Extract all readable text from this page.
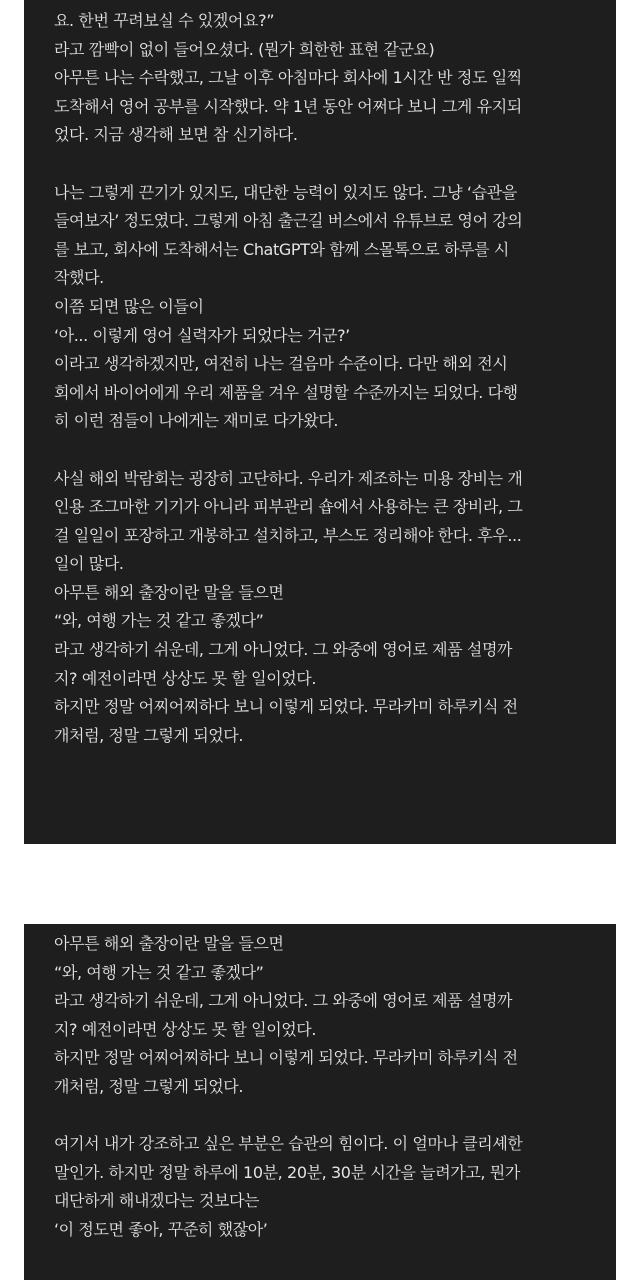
요. 한번 꾸려보실 수 있겠어요?”
라고 깜빡이 없이 들어오셨다. (뭔가 희한한 표현 같군요)
아무튼 나는 수락했고, 그날 이후 아침마다 회사에 1시간 반 정도 일찍
도착해서 영어 공부를 시작했다. 약 1년 동안 어쩌다 보니 그게 유지되
었다. 지금 생각해 보면 참 신기하다.
나는 그렇게 끈기가 있지도, 대단한 능력이 있지도 않다. 그냥 ‘습관을
들여보자’ 정도였다. 그렇게 아침 출근길 버스에서 유튜브로 영어 강의
를 보고, 회사에 도착해서는 ChatGPT와 함께 스몰톡으로 하루를 시
작했다.
이쯤 되면 많은 이들이
‘아... 이렇게 영어 실력자가 되었다는 거군?’
이라고 생각하겠지만, 여전히 나는 걸음마 수준이다. 다만 해외 전시
회에서 바이어에게 우리 제품을 겨우 설명할 수준까지는 되었다. 다행
히 이런 점들이 나에게는 재미로 다가왔다.
사실 해외 박람회는 굉장히 고단하다. 우리가 제조하는 미용 장비는 개
인용 조그마한 기기가 아니라 피부관리 숍에서 사용하는 큰 장비라, 그
걸 일일이 포장하고 개봉하고 설치하고, 부스도 정리해야 한다. 후우...
일이 많다.
아무튼 해외 출장이란 말을 들으면
“와, 여행 가는 것 같고 좋겠다”
라고 생각하기 쉬운데, 그게 아니었다. 그 와중에 영어로 제품 설명까
지? 예전이라면 상상도 못 할 일이었다.
하지만 정말 어찌어찌하다 보니 이렇게 되었다. 무라카미 하루키식 전
개처럼, 정말 그렇게 되었다.
아무튼 해외 출장이란 말을 들으면
“와, 여행 가는 것 같고 좋겠다”
라고 생각하기 쉬운데, 그게 아니었다. 그 와중에 영어로 제품 설명까
지? 예전이라면 상상도 못 할 일이었다.
하지만 정말 어찌어찌하다 보니 이렇게 되었다. 무라카미 하루키식 전
개처럼, 정말 그렇게 되었다.
여기서 내가 강조하고 싶은 부분은 습관의 힘이다. 이 얼마나 클리셰한
말인가. 하지만 정말 하루에 10분, 20분, 30분 시간을 늘려가고, 뭔가
대단하게 해내겠다는 것보다는
‘이 정도면 좋아, 꾸준히 했잖아’
